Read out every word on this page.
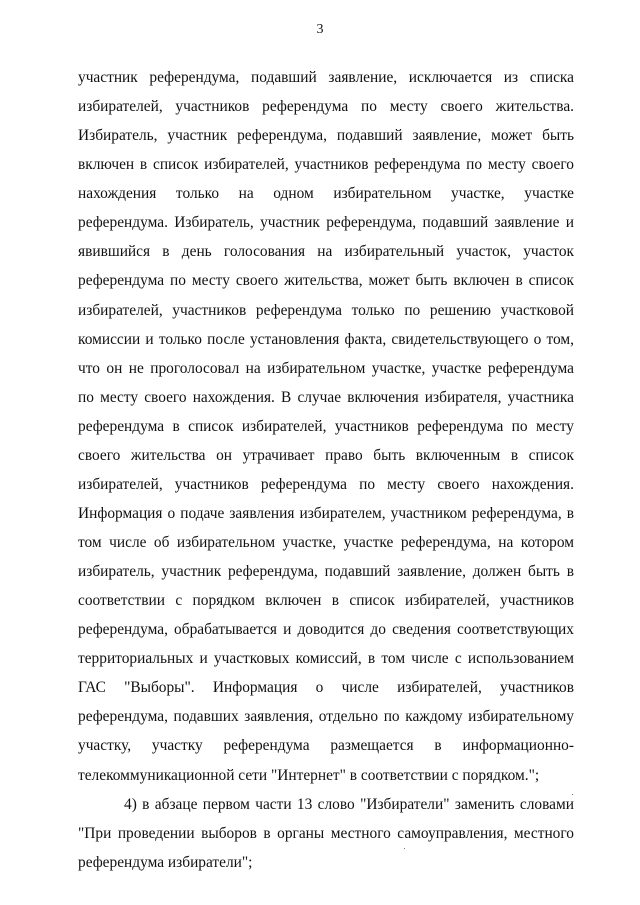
3
участник референдума, подавший заявление, исключается из списка
избирателей, участников референдума по месту своего жительства.
Избиратель, участник референдума, подавший заявление, может быть
включен в список избирателей, участников референдума по месту своего
нахождения только на одном избирательном участке, участке
референдума. Избиратель, участник референдума, подавший заявление и
явившийся в день голосования на избирательный участок, участок
референдума по месту своего жительства, может быть включен в список
избирателей, участников референдума только по решению участковой
комиссии и только после установления факта, свидетельствующего о том,
что он не проголосовал на избирательном участке, участке референдума
по месту своего нахождения. В случае включения избирателя, участника
референдума в список избирателей, участников референдума по месту
своего жительства он утрачивает право быть включенным в список
избирателей, участников референдума по месту своего нахождения.
Информация о подаче заявления избирателем, участником референдума, в
том числе об избирательном участке, участке референдума, на котором
избиратель, участник референдума, подавший заявление, должен быть в
соответствии с порядком включен в список избирателей, участников
референдума, обрабатывается и доводится до сведения соответствующих
территориальных и участковых комиссий, в том числе с использованием
ГАС "Выборы". Информация о числе избирателей, участников
референдума, подавших заявления, отдельно по каждому избирательному
участку, участку референдума размещается в информационно-
телекоммуникационной сети "Интернет" в соответствии с порядком.";
4) в абзаце первом части 13 слово "Избиратели" заменить словами
"При проведении выборов в органы местного самоуправления, местного
референдума избиратели";
